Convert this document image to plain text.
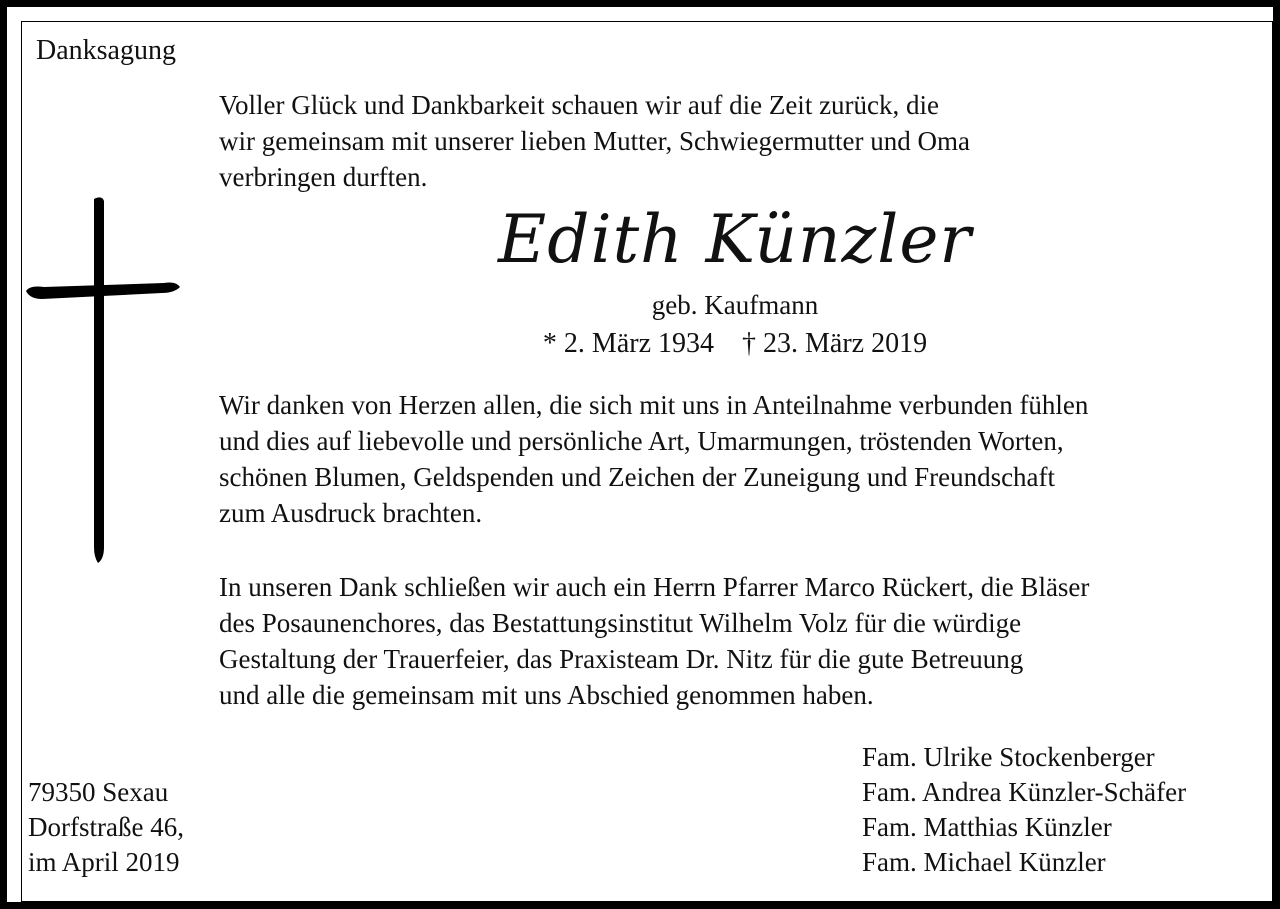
Danksagung

Voller Glück und Dankbarkeit schauen wir auf die Zeit zurück, die

wir gemeinsam mit unserer lieben Mutter, Schwiegermutter und Oma

verbringen durften.

Edith Künzler
geb. Kaufmann
* 2. März 1934 † 23. März 2019

Wir danken von Herzen allen, die sich mit uns in Anteilnahme verbunden fühlen

und dies auf liebevolle und persönliche Art, Umarmungen, tröstenden Worten,

schönen Blumen, Geldspenden und Zeichen der Zuneigung und Freundschaft

zum Ausdruck brachten.

In unseren Dank schließen wir auch ein Herrn Pfarrer Marco Rückert, die Bläser

des Posaunenchores, das Bestattungsinstitut Wilhelm Volz für die würdige

Gestaltung der Trauerfeier, das Praxisteam Dr. Nitz für die gute Betreuung

und alle die gemeinsam mit uns Abschied genommen haben.

79350 Sexau

Dorfstraße 46,

im April 2019

Fam. Ulrike Stockenberger

Fam. Andrea Künzler-Schäfer

Fam. Matthias Künzler

Fam. Michael Künzler
